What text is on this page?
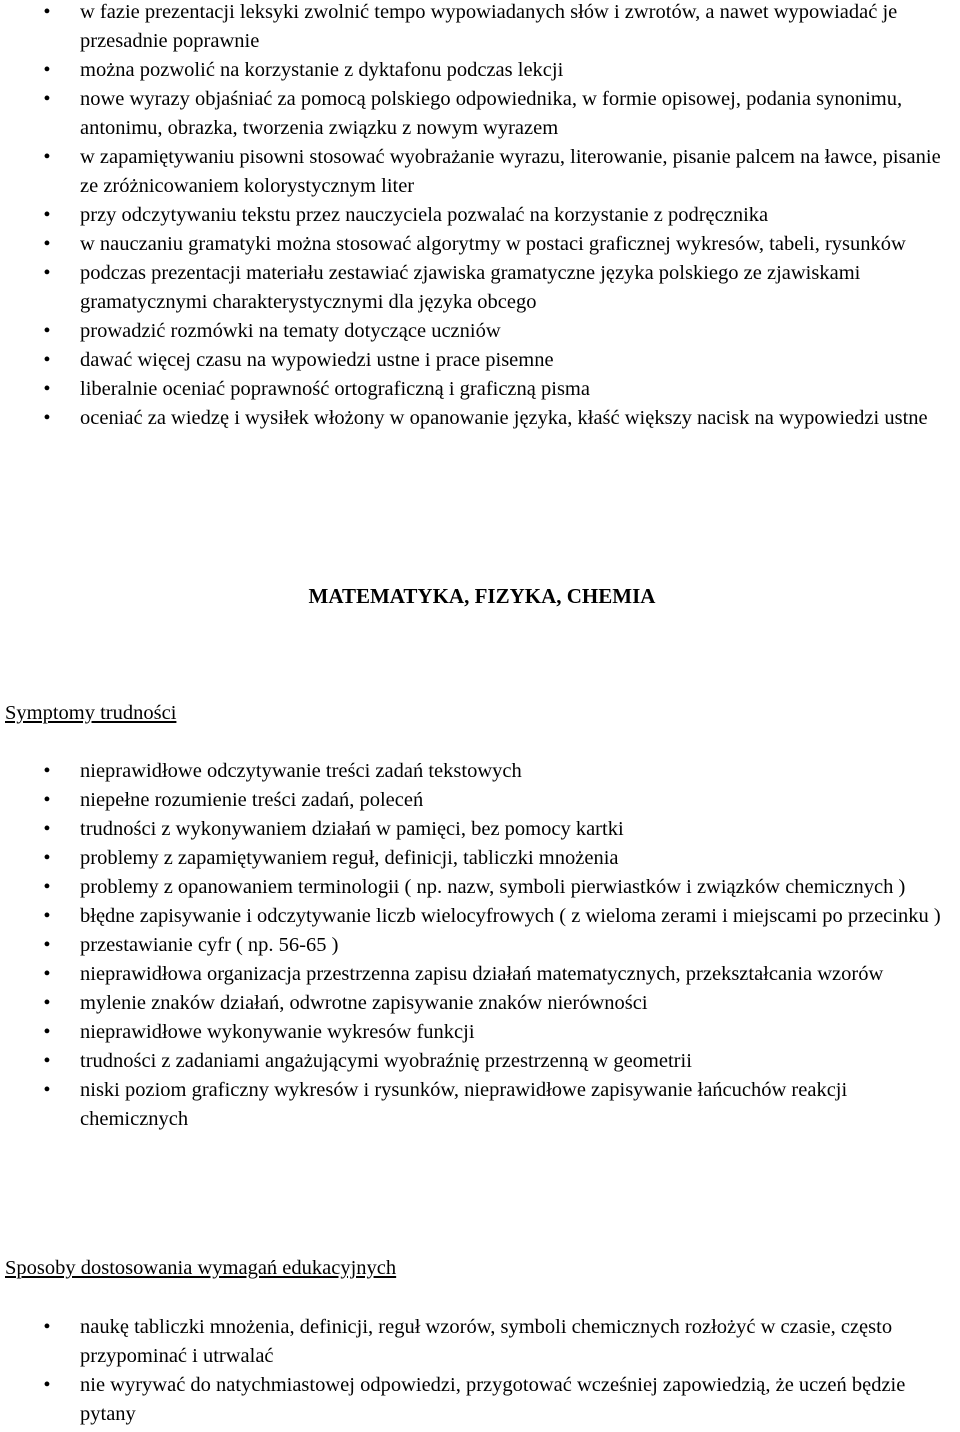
• w fazie prezentacji leksyki zwolnić tempo wypowiadanych słów i zwrotów, a nawet wypowiadać je przesadnie poprawnie
• można pozwolić na korzystanie z dyktafonu podczas lekcji
• nowe wyrazy objaśniać za pomocą polskiego odpowiednika, w formie opisowej, podania synonimu, antonimu, obrazka, tworzenia związku z nowym wyrazem
• w zapamiętywaniu pisowni stosować wyobrażanie wyrazu, literowanie, pisanie palcem na ławce, pisanie ze zróżnicowaniem kolorystycznym liter
• przy odczytywaniu tekstu przez nauczyciela pozwalać na korzystanie z podręcznika
• w nauczaniu gramatyki można stosować algorytmy w postaci graficznej wykresów, tabeli, rysunków
• podczas prezentacji materiału zestawiać zjawiska gramatyczne języka polskiego ze zjawiskami gramatycznymi charakterystycznymi dla języka obcego
• prowadzić rozmówki na tematy dotyczące uczniów
• dawać więcej czasu na wypowiedzi ustne i prace pisemne
• liberalnie oceniać poprawność ortograficzną i graficzną pisma
• oceniać za wiedzę i wysiłek włożony w opanowanie języka, kłaść większy nacisk na wypowiedzi ustne
MATEMATYKA, FIZYKA, CHEMIA
Symptomy trudności
• nieprawidłowe odczytywanie treści zadań tekstowych
• niepełne rozumienie treści zadań, poleceń
• trudności z wykonywaniem działań w pamięci, bez pomocy kartki
• problemy z zapamiętywaniem reguł, definicji, tabliczki mnożenia
• problemy z opanowaniem terminologii ( np. nazw, symboli pierwiastków i związków chemicznych )
• błędne zapisywanie i odczytywanie liczb wielocyfrowych ( z wieloma zerami i miejscami po przecinku )
• przestawianie cyfr ( np. 56-65 )
• nieprawidłowa organizacja przestrzenna zapisu działań matematycznych, przekształcania wzorów
• mylenie znaków działań, odwrotne zapisywanie znaków nierówności
• nieprawidłowe wykonywanie wykresów funkcji
• trudności z zadaniami angażującymi wyobraźnię przestrzenną w geometrii
• niski poziom graficzny wykresów i rysunków, nieprawidłowe zapisywanie łańcuchów reakcji chemicznych
Sposoby dostosowania wymagań edukacyjnych
• naukę tabliczki mnożenia, definicji, reguł wzorów, symboli chemicznych rozłożyć w czasie, często przypominać i utrwalać
• nie wyrywać do natychmiastowej odpowiedzi, przygotować wcześniej zapowiedzią, że uczeń będzie pytany
